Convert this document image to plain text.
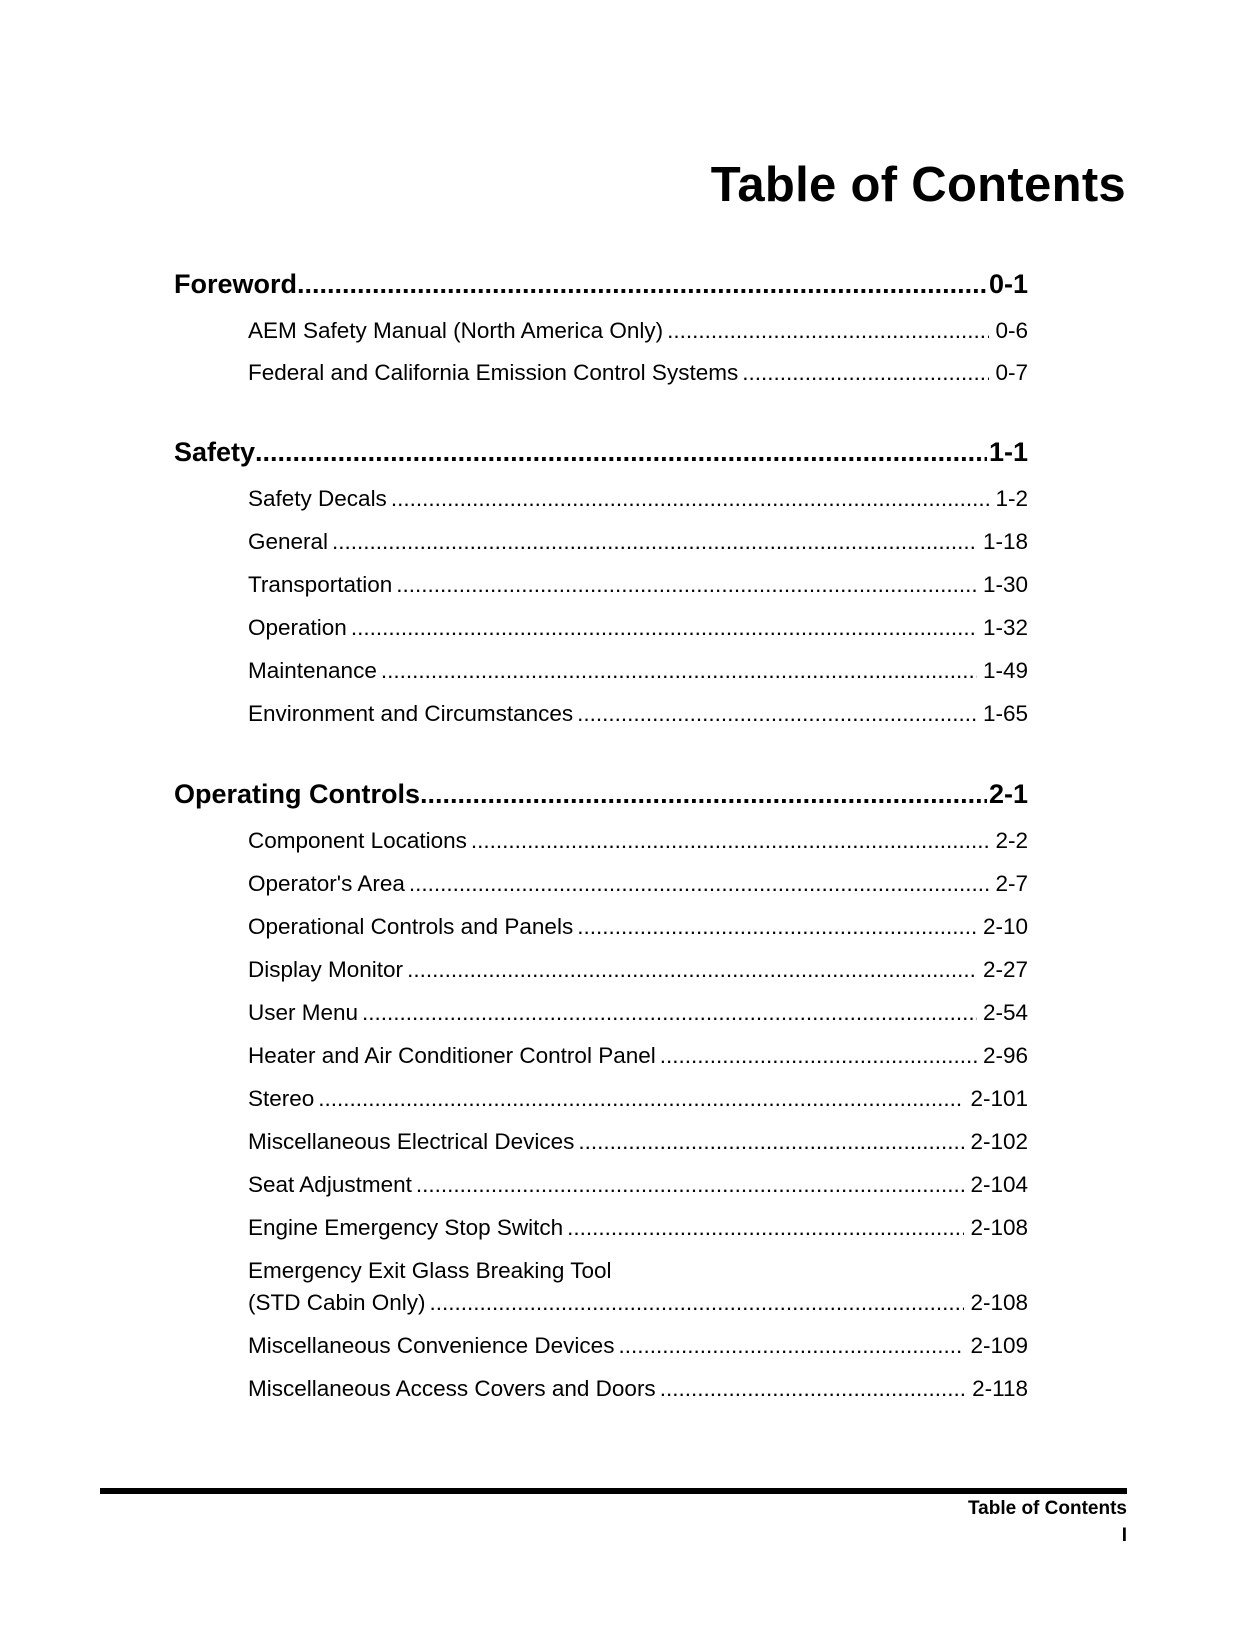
Table of Contents
Foreword .....	0-1
AEM Safety Manual (North America Only) .....	0-6
Federal and California Emission Control Systems .....	0-7
Safety .....	1-1
Safety Decals .....	1-2
General .....	1-18
Transportation .....	1-30
Operation .....	1-32
Maintenance .....	1-49
Environment and Circumstances .....	1-65
Operating Controls .....	2-1
Component Locations .....	2-2
Operator's Area .....	2-7
Operational Controls and Panels .....	2-10
Display Monitor .....	2-27
User Menu .....	2-54
Heater and Air Conditioner Control Panel .....	2-96
Stereo .....	2-101
Miscellaneous Electrical Devices .....	2-102
Seat Adjustment .....	2-104
Engine Emergency Stop Switch .....	2-108
Emergency Exit Glass Breaking Tool
(STD Cabin Only) .....	2-108
Miscellaneous Convenience Devices .....	2-109
Miscellaneous Access Covers and Doors .....	2-118
Table of Contents
I
